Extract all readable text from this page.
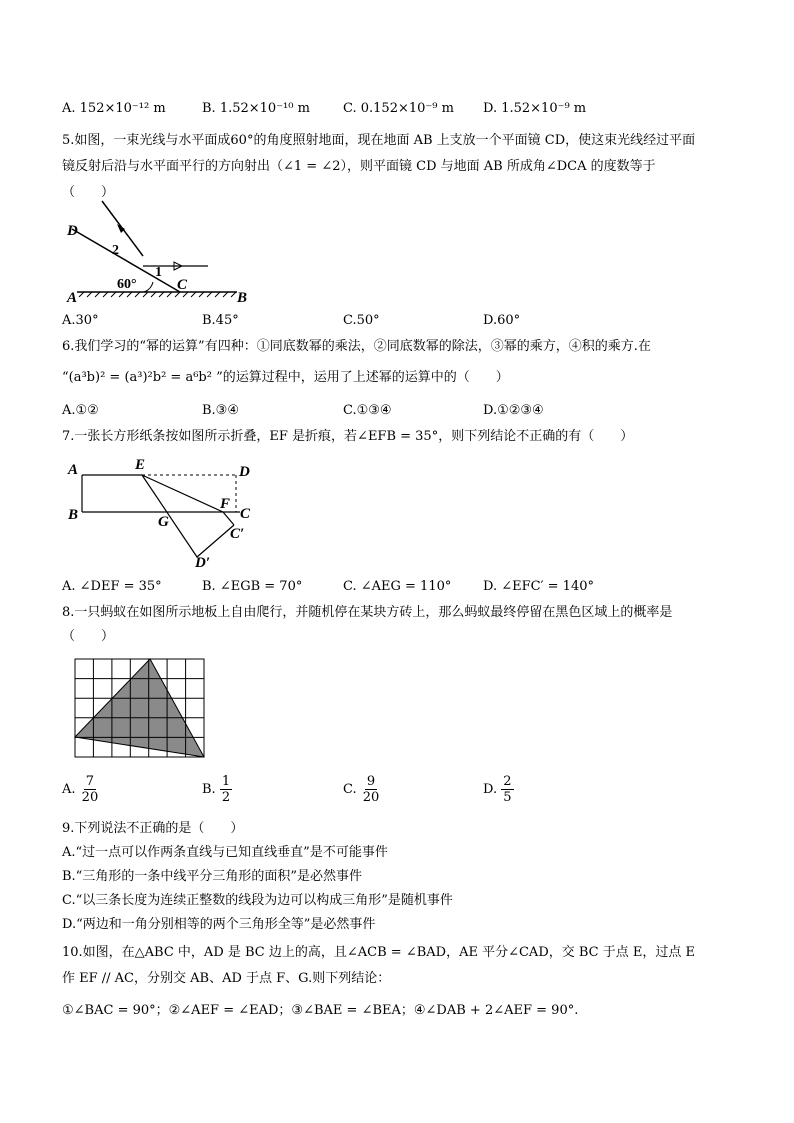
A. 152×10⁻¹² m	B. 1.52×10⁻¹⁰ m	C. 0.152×10⁻⁹ m D. 1.52×10⁻⁹ m
5.如图，一束光线与水平面成60°的角度照射地面，现在地面 AB 上支放一个平面镜 CD，使这束光线经过平面
镜反射后沿与水平面平行的方向射出（∠1 = ∠2），则平面镜 CD 与地面 AB 所成角∠DCA 的度数等于
（　　）
D
2
1
60°	C
A	B
A.30°	B.45°	C.50°	D.60°
6.我们学习的“幂的运算”有四种：①同底数幂的乘法，②同底数幂的除法，③幂的乘方，④积的乘方.在
“(a³b)² = (a³)²b² = a⁶b² ”的运算过程中，运用了上述幂的运算中的（　　）
A.①②	B.③④	C.①③④	D.①②③④
7.一张长方形纸条按如图所示折叠，EF 是折痕，若∠EFB = 35°，则下列结论不正确的有（　　）
A	E	D
F
C
B	G
C′
D′
A. ∠DEF = 35°	B. ∠EGB = 70°	C. ∠AEG = 110° D. ∠EFC′ = 140°
8.一只蚂蚁在如图所示地板上自由爬行，并随机停在某块方砖上，那么蚂蚁最终停留在黑色区域上的概率是
（　　）
A. $\frac{7}{20}$	B. $\frac{1}{2}$	C. $\frac{9}{20}$	D. $\frac{2}{5}$
9.下列说法不正确的是（　　）
A.“过一点可以作两条直线与已知直线垂直”是不可能事件
B.“三角形的一条中线平分三角形的面积”是必然事件
C.“以三条长度为连续正整数的线段为边可以构成三角形”是随机事件
D.“两边和一角分别相等的两个三角形全等”是必然事件
10.如图，在△ABC 中，AD 是 BC 边上的高，且∠ACB = ∠BAD，AE 平分∠CAD，交 BC 于点 E，过点 E
作 EF // AC，分别交 AB、AD 于点 F、G.则下列结论：
①∠BAC = 90°；②∠AEF = ∠EAD；③∠BAE = ∠BEA；④∠DAB + 2∠AEF = 90°.
